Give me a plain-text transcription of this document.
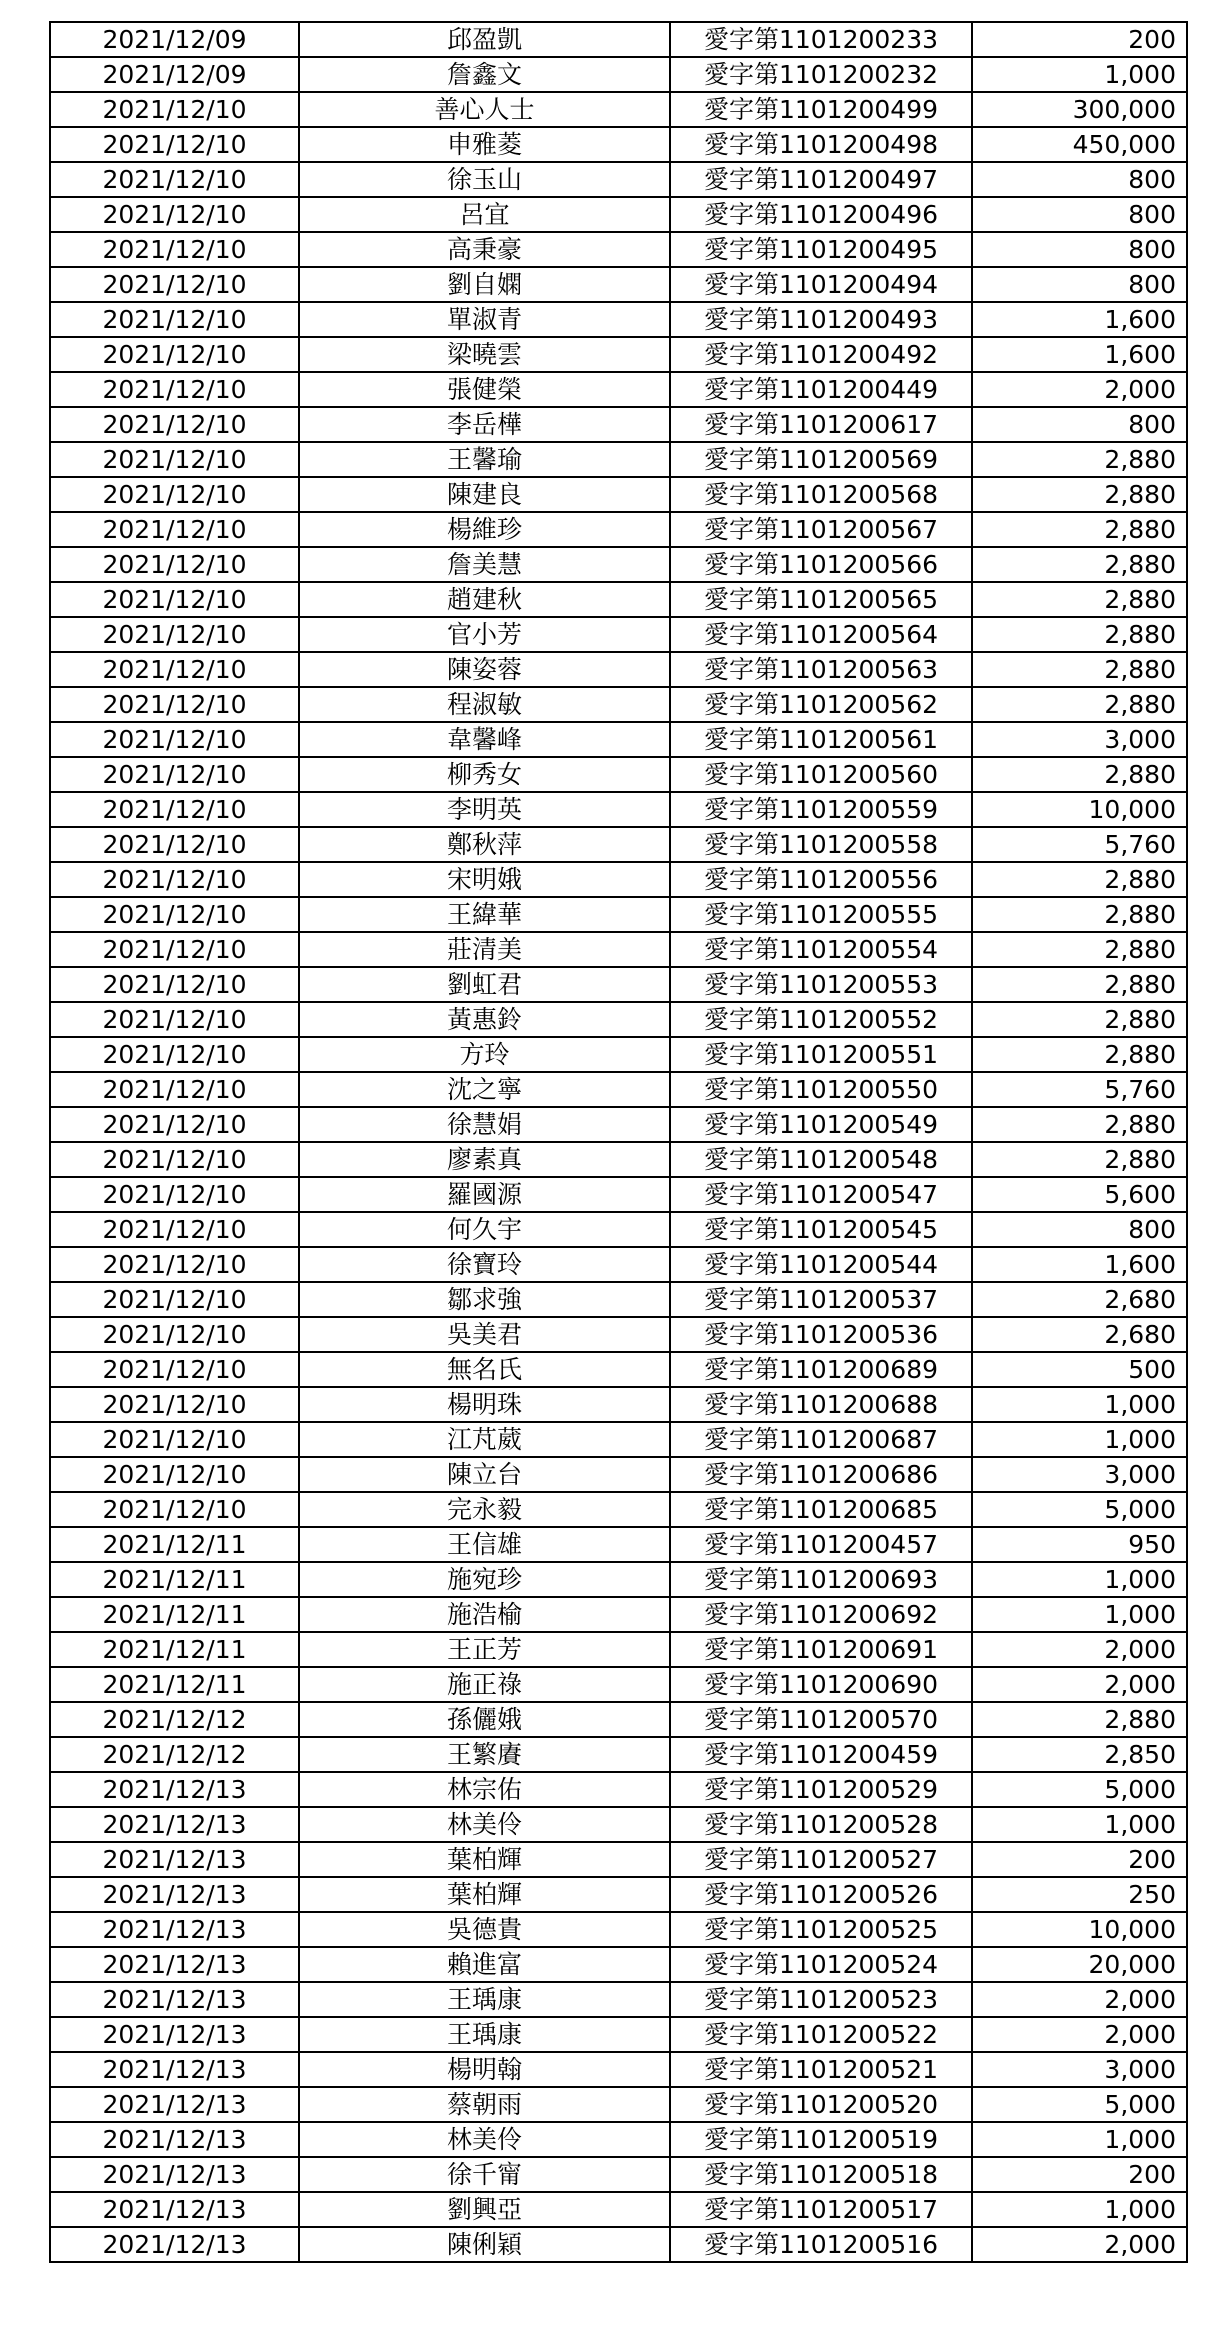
2021/12/09	邱盈凱	愛字第1101200233	200
2021/12/09	詹鑫文	愛字第1101200232	1,000
2021/12/10	善心人士	愛字第1101200499	300,000
2021/12/10	申雅菱	愛字第1101200498	450,000
2021/12/10	徐玉山	愛字第1101200497	800
2021/12/10	呂宜	愛字第1101200496	800
2021/12/10	高秉豪	愛字第1101200495	800
2021/12/10	劉自嫻	愛字第1101200494	800
2021/12/10	單淑青	愛字第1101200493	1,600
2021/12/10	梁曉雲	愛字第1101200492	1,600
2021/12/10	張健榮	愛字第1101200449	2,000
2021/12/10	李岳樺	愛字第1101200617	800
2021/12/10	王馨瑜	愛字第1101200569	2,880
2021/12/10	陳建良	愛字第1101200568	2,880
2021/12/10	楊維珍	愛字第1101200567	2,880
2021/12/10	詹美慧	愛字第1101200566	2,880
2021/12/10	趙建秋	愛字第1101200565	2,880
2021/12/10	官小芳	愛字第1101200564	2,880
2021/12/10	陳姿蓉	愛字第1101200563	2,880
2021/12/10	程淑敏	愛字第1101200562	2,880
2021/12/10	韋馨峰	愛字第1101200561	3,000
2021/12/10	柳秀女	愛字第1101200560	2,880
2021/12/10	李明英	愛字第1101200559	10,000
2021/12/10	鄭秋萍	愛字第1101200558	5,760
2021/12/10	宋明娥	愛字第1101200556	2,880
2021/12/10	王緯華	愛字第1101200555	2,880
2021/12/10	莊清美	愛字第1101200554	2,880
2021/12/10	劉虹君	愛字第1101200553	2,880
2021/12/10	黃惠鈴	愛字第1101200552	2,880
2021/12/10	方玲	愛字第1101200551	2,880
2021/12/10	沈之寧	愛字第1101200550	5,760
2021/12/10	徐慧娟	愛字第1101200549	2,880
2021/12/10	廖素真	愛字第1101200548	2,880
2021/12/10	羅國源	愛字第1101200547	5,600
2021/12/10	何久宇	愛字第1101200545	800
2021/12/10	徐寶玲	愛字第1101200544	1,600
2021/12/10	鄒求強	愛字第1101200537	2,680
2021/12/10	吳美君	愛字第1101200536	2,680
2021/12/10	無名氏	愛字第1101200689	500
2021/12/10	楊明珠	愛字第1101200688	1,000
2021/12/10	江芃葳	愛字第1101200687	1,000
2021/12/10	陳立台	愛字第1101200686	3,000
2021/12/10	完永毅	愛字第1101200685	5,000
2021/12/11	王信雄	愛字第1101200457	950
2021/12/11	施宛珍	愛字第1101200693	1,000
2021/12/11	施浩榆	愛字第1101200692	1,000
2021/12/11	王正芳	愛字第1101200691	2,000
2021/12/11	施正祿	愛字第1101200690	2,000
2021/12/12	孫儷娥	愛字第1101200570	2,880
2021/12/12	王繁賡	愛字第1101200459	2,850
2021/12/13	林宗佑	愛字第1101200529	5,000
2021/12/13	林美伶	愛字第1101200528	1,000
2021/12/13	葉柏輝	愛字第1101200527	200
2021/12/13	葉柏輝	愛字第1101200526	250
2021/12/13	吳德貴	愛字第1101200525	10,000
2021/12/13	賴進富	愛字第1101200524	20,000
2021/12/13	王瑀康	愛字第1101200523	2,000
2021/12/13	王瑀康	愛字第1101200522	2,000
2021/12/13	楊明翰	愛字第1101200521	3,000
2021/12/13	蔡朝雨	愛字第1101200520	5,000
2021/12/13	林美伶	愛字第1101200519	1,000
2021/12/13	徐千甯	愛字第1101200518	200
2021/12/13	劉興亞	愛字第1101200517	1,000
2021/12/13	陳俐穎	愛字第1101200516	2,000
